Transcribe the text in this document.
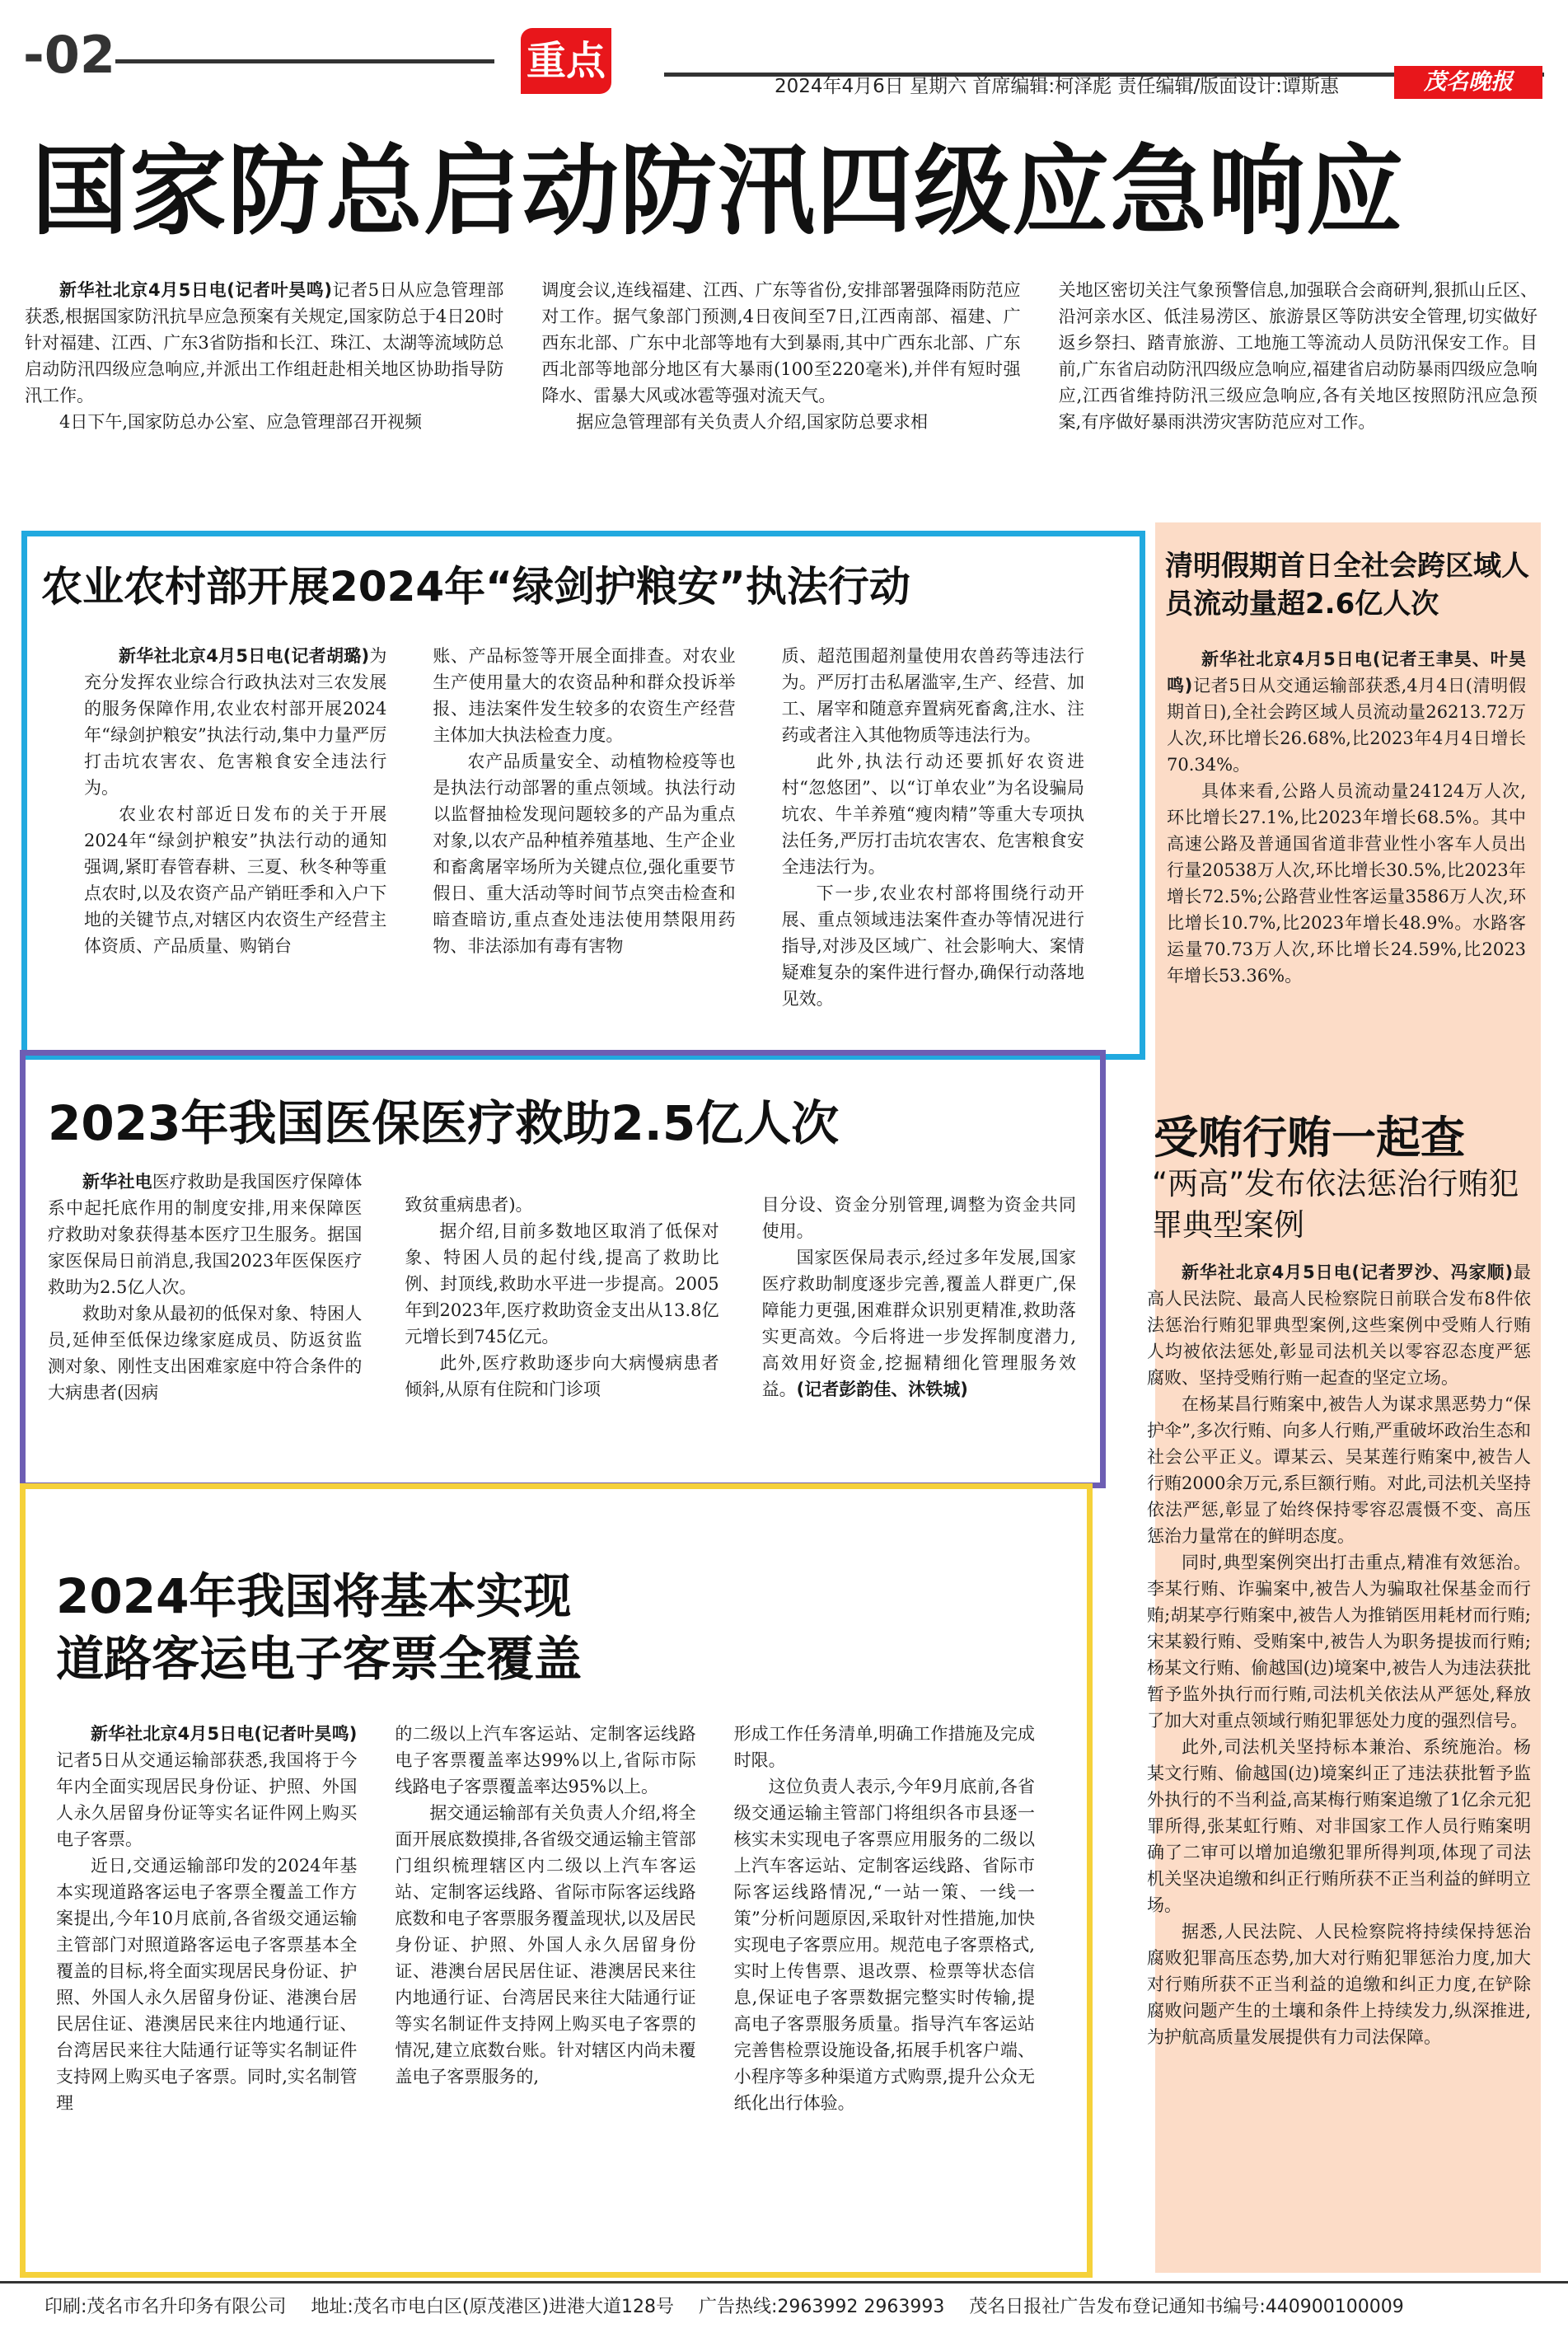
-02	重点
2024年4月6日 星期六 首席编辑:柯泽彪 责任编辑/版面设计:谭斯惠	茂名晚报
国家防总启动防汛四级应急响应

新华社北京4月5日电(记者叶昊鸣)记者5日从应急管理部获悉,根据国家防汛抗旱应急预案有关规定,国家防总于4日20时针对福建、江西、广东3省防指和长江、珠江、太湖等流域防总启动防汛四级应急响应,并派出工作组赶赴相关地区协助指导防汛工作。

4日下午,国家防总办公室、应急管理部召开视频

调度会议,连线福建、江西、广东等省份,安排部署强降雨防范应对工作。据气象部门预测,4日夜间至7日,江西南部、福建、广西东北部、广东中北部等地有大到暴雨,其中广西东北部、广东西北部等地部分地区有大暴雨(100至220毫米),并伴有短时强降水、雷暴大风或冰雹等强对流天气。

据应急管理部有关负责人介绍,国家防总要求相

关地区密切关注气象预警信息,加强联合会商研判,狠抓山丘区、沿河亲水区、低洼易涝区、旅游景区等防洪安全管理,切实做好返乡祭扫、踏青旅游、工地施工等流动人员防汛保安工作。目前,广东省启动防汛四级应急响应,福建省启动防暴雨四级应急响应,江西省维持防汛三级应急响应,各有关地区按照防汛应急预案,有序做好暴雨洪涝灾害防范应对工作。

农业农村部开展2024年“绿剑护粮安”执法行动

新华社北京4月5日电(记者胡璐)为充分发挥农业综合行政执法对三农发展的服务保障作用,农业农村部开展2024年“绿剑护粮安”执法行动,集中力量严厉打击坑农害农、危害粮食安全违法行为。

农业农村部近日发布的关于开展2024年“绿剑护粮安”执法行动的通知强调,紧盯春管春耕、三夏、秋冬种等重点农时,以及农资产品产销旺季和入户下地的关键节点,对辖区内农资生产经营主体资质、产品质量、购销台

账、产品标签等开展全面排查。对农业生产使用量大的农资品种和群众投诉举报、违法案件发生较多的农资生产经营主体加大执法检查力度。

农产品质量安全、动植物检疫等也是执法行动部署的重点领域。执法行动以监督抽检发现问题较多的产品为重点对象,以农产品种植养殖基地、生产企业和畜禽屠宰场所为关键点位,强化重要节假日、重大活动等时间节点突击检查和暗查暗访,重点查处违法使用禁限用药物、非法添加有毒有害物

质、超范围超剂量使用农兽药等违法行为。严厉打击私屠滥宰,生产、经营、加工、屠宰和随意弃置病死畜禽,注水、注药或者注入其他物质等违法行为。

此外,执法行动还要抓好农资进村“忽悠团”、以“订单农业”为名设骗局坑农、牛羊养殖“瘦肉精”等重大专项执法任务,严厉打击坑农害农、危害粮食安全违法行为。

下一步,农业农村部将围绕行动开展、重点领域违法案件查办等情况进行指导,对涉及区域广、社会影响大、案情疑难复杂的案件进行督办,确保行动落地见效。

2023年我国医保医疗救助2.5亿人次

新华社电医疗救助是我国医疗保障体系中起托底作用的制度安排,用来保障医疗救助对象获得基本医疗卫生服务。据国家医保局日前消息,我国2023年医保医疗救助为2.5亿人次。

救助对象从最初的低保对象、特困人员,延伸至低保边缘家庭成员、防返贫监测对象、刚性支出困难家庭中符合条件的大病患者(因病

致贫重病患者)。

据介绍,目前多数地区取消了低保对象、特困人员的起付线,提高了救助比例、封顶线,救助水平进一步提高。2005年到2023年,医疗救助资金支出从13.8亿元增长到745亿元。

此外,医疗救助逐步向大病慢病患者倾斜,从原有住院和门诊项

目分设、资金分别管理,调整为资金共同使用。

国家医保局表示,经过多年发展,国家医疗救助制度逐步完善,覆盖人群更广,保障能力更强,困难群众识别更精准,救助落实更高效。今后将进一步发挥制度潜力,高效用好资金,挖掘精细化管理服务效益。(记者彭韵佳、沐铁城)

2024年我国将基本实现
道路客运电子客票全覆盖

新华社北京4月5日电(记者叶昊鸣)记者5日从交通运输部获悉,我国将于今年内全面实现居民身份证、护照、外国人永久居留身份证等实名证件网上购买电子客票。

近日,交通运输部印发的2024年基本实现道路客运电子客票全覆盖工作方案提出,今年10月底前,各省级交通运输主管部门对照道路客运电子客票基本全覆盖的目标,将全面实现居民身份证、护照、外国人永久居留身份证、港澳台居民居住证、港澳居民来往内地通行证、台湾居民来往大陆通行证等实名制证件支持网上购买电子客票。同时,实名制管理

的二级以上汽车客运站、定制客运线路电子客票覆盖率达99%以上,省际市际线路电子客票覆盖率达95%以上。

据交通运输部有关负责人介绍,将全面开展底数摸排,各省级交通运输主管部门组织梳理辖区内二级以上汽车客运站、定制客运线路、省际市际客运线路底数和电子客票服务覆盖现状,以及居民身份证、护照、外国人永久居留身份证、港澳台居民居住证、港澳居民来往内地通行证、台湾居民来往大陆通行证等实名制证件支持网上购买电子客票的情况,建立底数台账。针对辖区内尚未覆盖电子客票服务的,

形成工作任务清单,明确工作措施及完成时限。

这位负责人表示,今年9月底前,各省级交通运输主管部门将组织各市县逐一核实未实现电子客票应用服务的二级以上汽车客运站、定制客运线路、省际市际客运线路情况,“一站一策、一线一策”分析问题原因,采取针对性措施,加快实现电子客票应用。规范电子客票格式,实时上传售票、退改票、检票等状态信息,保证电子客票数据完整实时传输,提高电子客票服务质量。指导汽车客运站完善售检票设施设备,拓展手机客户端、小程序等多种渠道方式购票,提升公众无纸化出行体验。

清明假期首日全社会跨区域人员流动量超2.6亿人次

新华社北京4月5日电(记者王聿昊、叶昊鸣)记者5日从交通运输部获悉,4月4日(清明假期首日),全社会跨区域人员流动量26213.72万人次,环比增长26.68%,比2023年4月4日增长70.34%。

具体来看,公路人员流动量24124万人次,环比增长27.1%,比2023年增长68.5%。其中高速公路及普通国省道非营业性小客车人员出行量20538万人次,环比增长30.5%,比2023年增长72.5%;公路营业性客运量3586万人次,环比增长10.7%,比2023年增长48.9%。水路客运量70.73万人次,环比增长24.59%,比2023年增长53.36%。

受贿行贿一起查
“两高”发布依法惩治行贿犯罪典型案例

新华社北京4月5日电(记者罗沙、冯家顺)最高人民法院、最高人民检察院日前联合发布8件依法惩治行贿犯罪典型案例,这些案例中受贿人行贿人均被依法惩处,彰显司法机关以零容忍态度严惩腐败、坚持受贿行贿一起查的坚定立场。

在杨某昌行贿案中,被告人为谋求黑恶势力“保护伞”,多次行贿、向多人行贿,严重破坏政治生态和社会公平正义。谭某云、吴某莲行贿案中,被告人行贿2000余万元,系巨额行贿。对此,司法机关坚持依法严惩,彰显了始终保持零容忍震慑不变、高压惩治力量常在的鲜明态度。

同时,典型案例突出打击重点,精准有效惩治。李某行贿、诈骗案中,被告人为骗取社保基金而行贿;胡某亭行贿案中,被告人为推销医用耗材而行贿;宋某毅行贿、受贿案中,被告人为职务提拔而行贿;杨某文行贿、偷越国(边)境案中,被告人为违法获批暂予监外执行而行贿,司法机关依法从严惩处,释放了加大对重点领域行贿犯罪惩处力度的强烈信号。

此外,司法机关坚持标本兼治、系统施治。杨某文行贿、偷越国(边)境案纠正了违法获批暂予监外执行的不当利益,高某梅行贿案追缴了1亿余元犯罪所得,张某虹行贿、对非国家工作人员行贿案明确了二审可以增加追缴犯罪所得判项,体现了司法机关坚决追缴和纠正行贿所获不正当利益的鲜明立场。

据悉,人民法院、人民检察院将持续保持惩治腐败犯罪高压态势,加大对行贿犯罪惩治力度,加大对行贿所获不正当利益的追缴和纠正力度,在铲除腐败问题产生的土壤和条件上持续发力,纵深推进,为护航高质量发展提供有力司法保障。

印刷:茂名市名升印务有限公司 地址:茂名市电白区(原茂港区)进港大道128号 广告热线:2963992 2963993 茂名日报社广告发布登记通知书编号:440900100009
